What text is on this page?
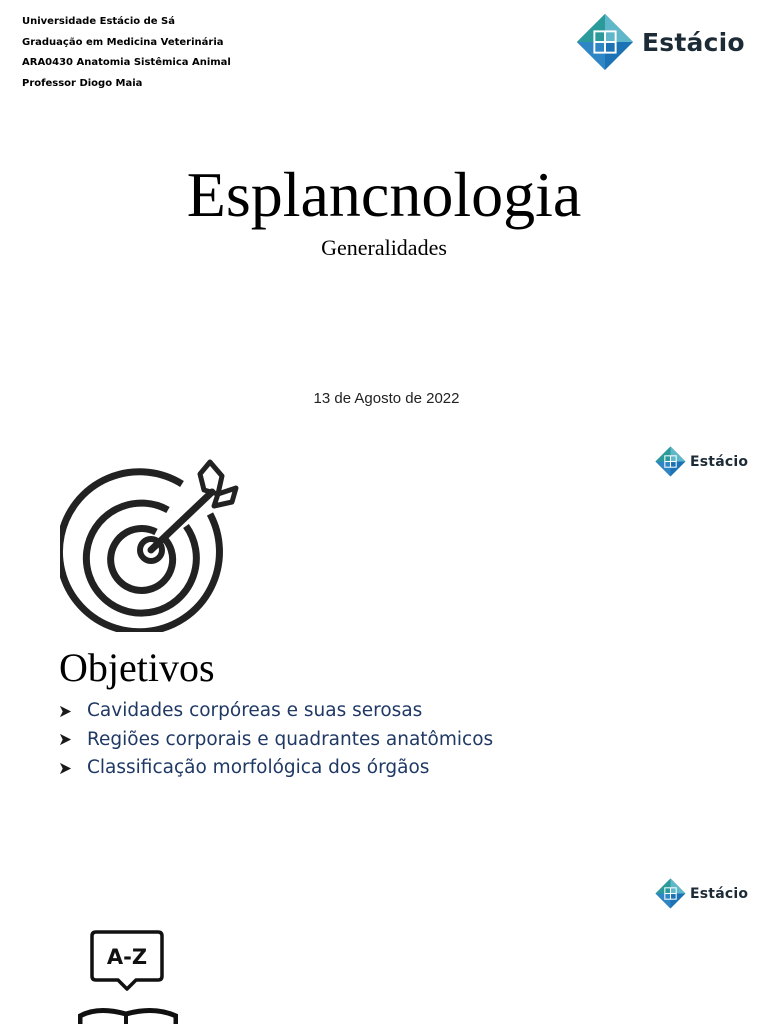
Universidade Estácio de Sá
Graduação em Medicina Veterinária
ARA0430 Anatomia Sistêmica Animal
Professor Diogo Maia
Estácio
Esplancnologia
Generalidades
13 de Agosto de 2022
Estácio
Objetivos
Cavidades corpóreas e suas serosas
Regiões corporais e quadrantes anatômicos
Classificação morfológica dos órgãos
Estácio
A-Z
